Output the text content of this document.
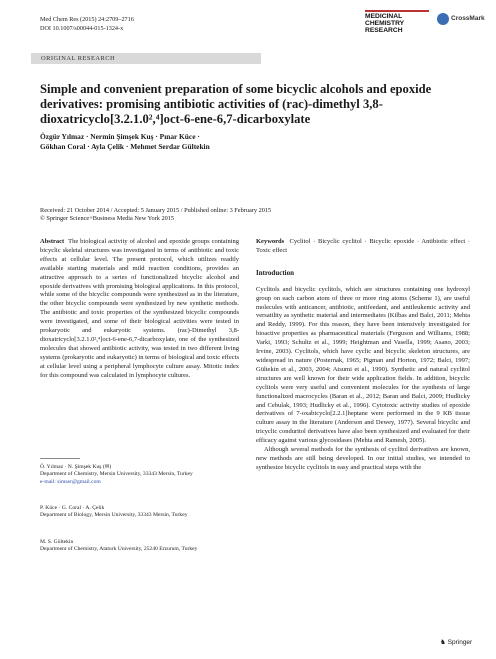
Med Chem Res (2015) 24:2709–2716
DOI 10.1007/s00044-015-1324-x
MEDICINAL
CHEMISTRY
RESEARCH
CrossMark
ORIGINAL RESEARCH
Simple and convenient preparation of some bicyclic alcohols and epoxide derivatives: promising antibiotic activities of (rac)-dimethyl 3,8-dioxatricyclo[3.2.1.0²,⁴]oct-6-ene-6,7-dicarboxylate
Özgür Yılmaz · Nermin Şimşek Kuş · Pınar Küce ·
Gökhan Coral · Ayla Çelik · Mehmet Serdar Gültekin
Received: 21 October 2014 / Accepted: 5 January 2015 / Published online: 3 February 2015
© Springer Science+Business Media New York 2015

Abstract The biological activity of alcohol and epoxide groups containing bicyclic skeletal structures was investigated in terms of antibiotic and toxic effects at cellular level. The present protocol, which utilizes readily available starting materials and mild reaction conditions, provides an attractive approach to a series of functionalized bicyclic alcohol and epoxide derivatives with promising biological applications. In this protocol, while some of the bicyclic compounds were synthesized as in the literature, the other bicyclic compounds were synthesized by new synthetic methods. The antibiotic and toxic properties of the synthesized bicyclic compounds were investigated, and some of their biological activities were tested in prokaryotic and eukaryotic systems. (rac)-Dimethyl 3,8-dioxatricyclo[3.2.1.0²,⁴]oct-6-ene-6,7-dicarboxylate, one of the synthesized molecules that showed antibiotic activity, was tested in two different living systems (prokaryotic and eukaryotic) in terms of biological and toxic effects at cellular level using a peripheral lymphocyte culture assay. Mitotic index for this compound was calculated in lymphocyte cultures.

Ö. Yılmaz · N. Şimşek Kuş (✉)
Department of Chemistry, Mersin University, 33343 Mersin, Turkey
e-mail: simser@gmail.com
P. Küce · G. Coral · A. Çelik
Department of Biology, Mersin University, 33343 Mersin, Turkey
M. S. Gültekin
Department of Chemistry, Ataturk University, 25240 Erzurum, Turkey

Keywords Cyclitol · Bicyclic cyclitol · Bicyclic epoxide · Antibiotic effect · Toxic effect

Introduction

Cyclitols and bicyclic cyclitols, which are structures containing one hydroxyl group on each carbon atom of three or more ring atoms (Scheme 1), are useful molecules with anticancer, antibiotic, antifeedant, and antileukemic activity and versatility as synthetic material and intermediates (Kilbas and Balci, 2011; Mehta and Reddy, 1999). For this reason, they have been intensively investigated for bioactive properties as pharmaceutical materials (Ferguson and Williams, 1988; Varki, 1993; Schultz et al., 1999; Heightman and Vasella, 1999; Asano, 2003; Irvine, 2003). Cyclitols, which have cyclic and bicyclic skeleton structures, are widespread in nature (Posternak, 1965; Pigman and Horton, 1972; Balci, 1997; Gültekin et al., 2003, 2004; Atsumi et al., 1990). Synthetic and natural cyclitol structures are well known for their wide application fields. In addition, bicyclic cyclitols were very useful and convenient molecules for the synthesis of large functionalized macrocycles (Baran et al., 2012; Baran and Balci, 2009; Hudlicky and Cebulak, 1993; Hudlicky et al., 1996). Cytotoxic activity studies of epoxide derivatives of 7-oxabicyclo[2.2.1]heptane were performed in the 9 KB tissue culture assay in the literature (Anderson and Dewey, 1977). Several bicyclic and tricyclic conduritol derivatives have also been synthesized and evaluated for their efficacy against various glycosidases (Mehta and Ramesh, 2005).

Although several methods for the synthesis of cyclitol derivatives are known, new methods are still being developed. In our initial studies, we intended to synthesize bicyclic cyclitols in easy and practical steps with the

♞ Springer
